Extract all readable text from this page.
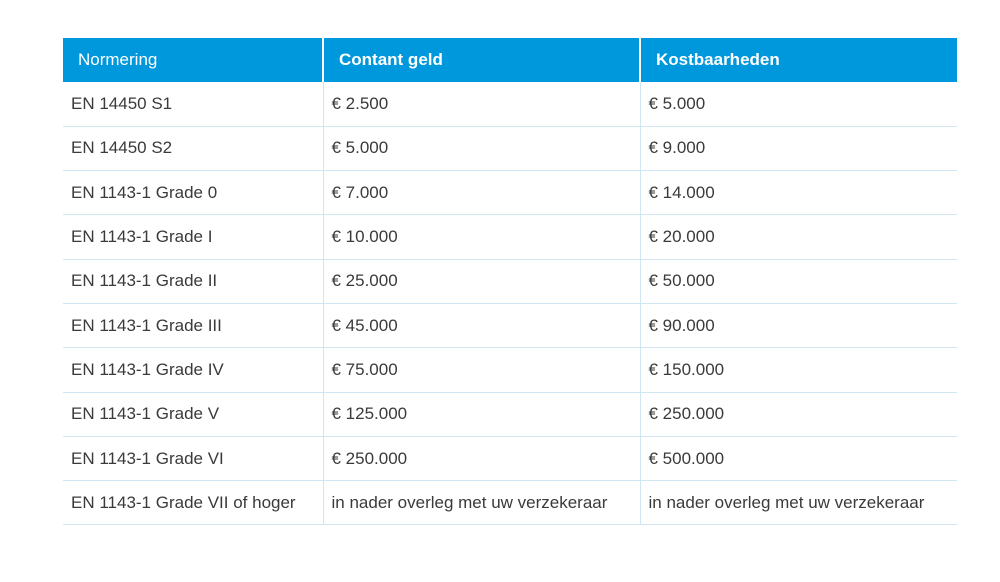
Normering	Contant geld	Kostbaarheden
EN 14450 S1	€ 2.500	€ 5.000
EN 14450 S2	€ 5.000	€ 9.000
EN 1143-1 Grade 0	€ 7.000	€ 14.000
EN 1143-1 Grade I	€ 10.000	€ 20.000
EN 1143-1 Grade II	€ 25.000	€ 50.000
EN 1143-1 Grade III	€ 45.000	€ 90.000
EN 1143-1 Grade IV	€ 75.000	€ 150.000
EN 1143-1 Grade V	€ 125.000	€ 250.000
EN 1143-1 Grade VI	€ 250.000	€ 500.000
EN 1143-1 Grade VII of hoger	in nader overleg met uw verzekeraar	in nader overleg met uw verzekeraar
